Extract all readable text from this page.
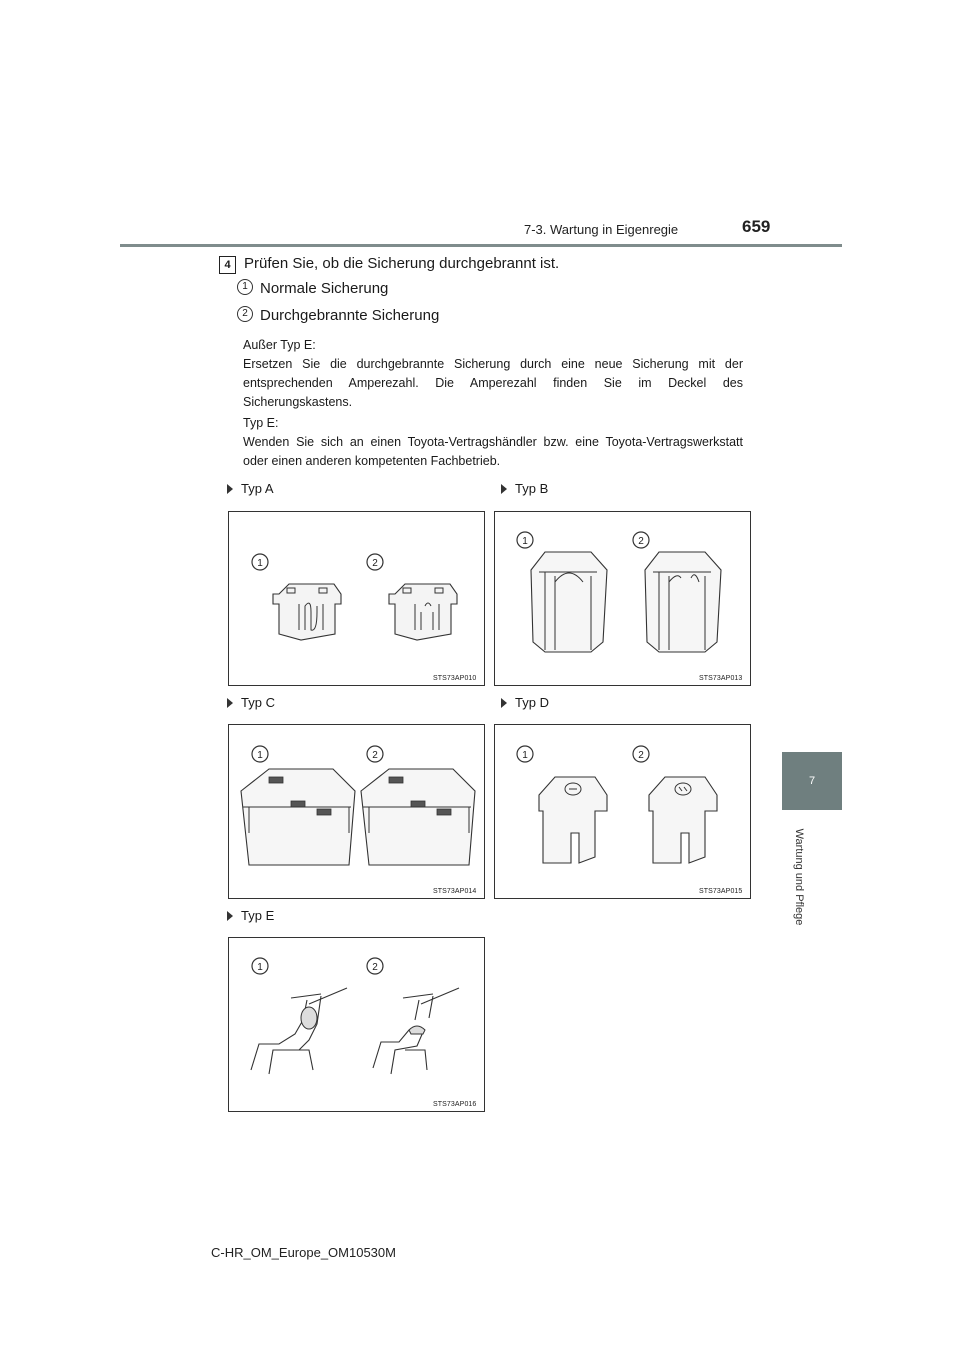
7-3. Wartung in Eigenregie	659
7
Wartung und Pflege
4 Prüfen Sie, ob die Sicherung durchgebrannt ist.
1 Normale Sicherung
2 Durchgebrannte Sicherung
Außer Typ E:
Ersetzen Sie die durchgebrannte Sicherung durch eine neue Sicherung mit der entsprechenden Amperezahl. Die Amperezahl finden Sie im Deckel des Sicherungskastens.
Typ E:
Wenden Sie sich an einen Toyota-Vertragshändler bzw. eine Toyota-Vertragswerkstatt oder einen anderen kompetenten Fachbetrieb.
Typ A	Typ B
Typ C	Typ D
Typ E
1	2
STS73AP010
1	2
STS73AP013
1	2
STS73AP014
1	2
STS73AP015
1	2
STS73AP016
C-HR_OM_Europe_OM10530M
